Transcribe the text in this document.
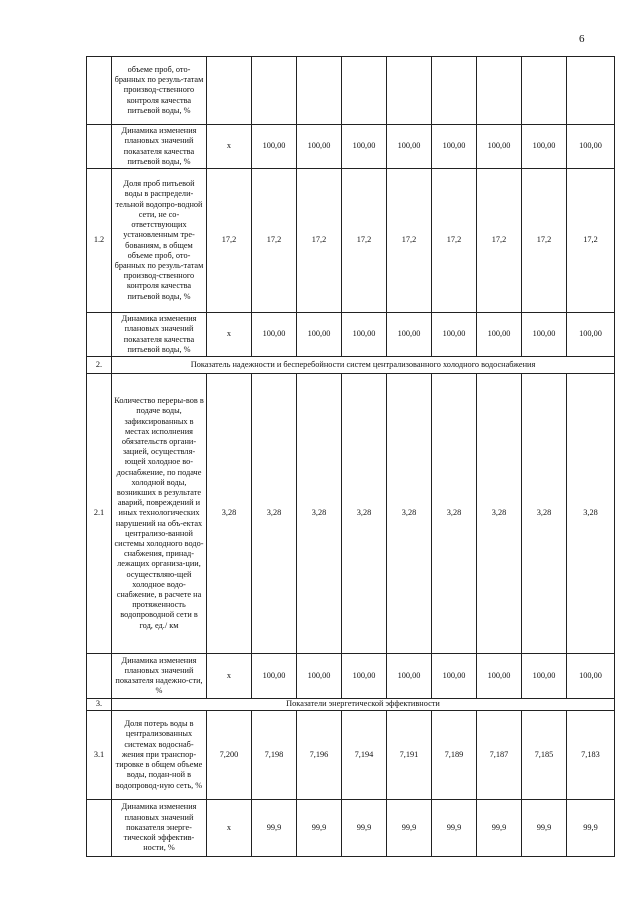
6
	объеме проб, ото-бранных по резуль-татам производ-ственного контроля качества питьевой воды, %									
	Динамика изменения плановых значений показателя качества питьевой воды, %	х	100,00	100,00	100,00	100,00	100,00	100,00	100,00	100,00
1.2	Доля проб питьевой воды в распредели-тельной водопро-водной сети, не со-ответствующих установленным тре-бованиям, в общем объеме проб, ото-бранных по резуль-татам производ-ственного контроля качества питьевой воды, %	17,2	17,2	17,2	17,2	17,2	17,2	17,2	17,2	17,2
	Динамика изменения плановых значений показателя качества питьевой воды, %	х	100,00	100,00	100,00	100,00	100,00	100,00	100,00	100,00
2.	Показатель надежности и бесперебойности систем централизованного холодного водоснабжения									
2.1	Количество переры-вов в подаче воды, зафиксированных в местах исполнения обязательств органи-зацией, осуществля-ющей холодное во-доснабжение, по подаче холодной воды, возникших в результате аварий, повреждений и иных технологических нарушений на объ-ектах централизо-ванной системы холодного водо-снабжения, принад-лежащих организа-ции, осуществляю-щей холодное водо-снабжение, в расчете на протяженность водопроводной сети в год, ед./ км	3,28	3,28	3,28	3,28	3,28	3,28	3,28	3,28	3,28
	Динамика изменения плановых значений показателя надежно-сти, %	х	100,00	100,00	100,00	100,00	100,00	100,00	100,00	100,00
3.	Показатели энергетической эффективности									
3.1	Доля потерь воды в централизованных системах водоснаб-жения при транспор-тировке в общем объеме воды, подан-ной в водопровод-ную сеть, %	7,200	7,198	7,196	7,194	7,191	7,189	7,187	7,185	7,183
	Динамика изменения плановых значений показателя энерге-тической эффектив-ности, %	х	99,9	99,9	99,9	99,9	99,9	99,9	99,9	99,9
